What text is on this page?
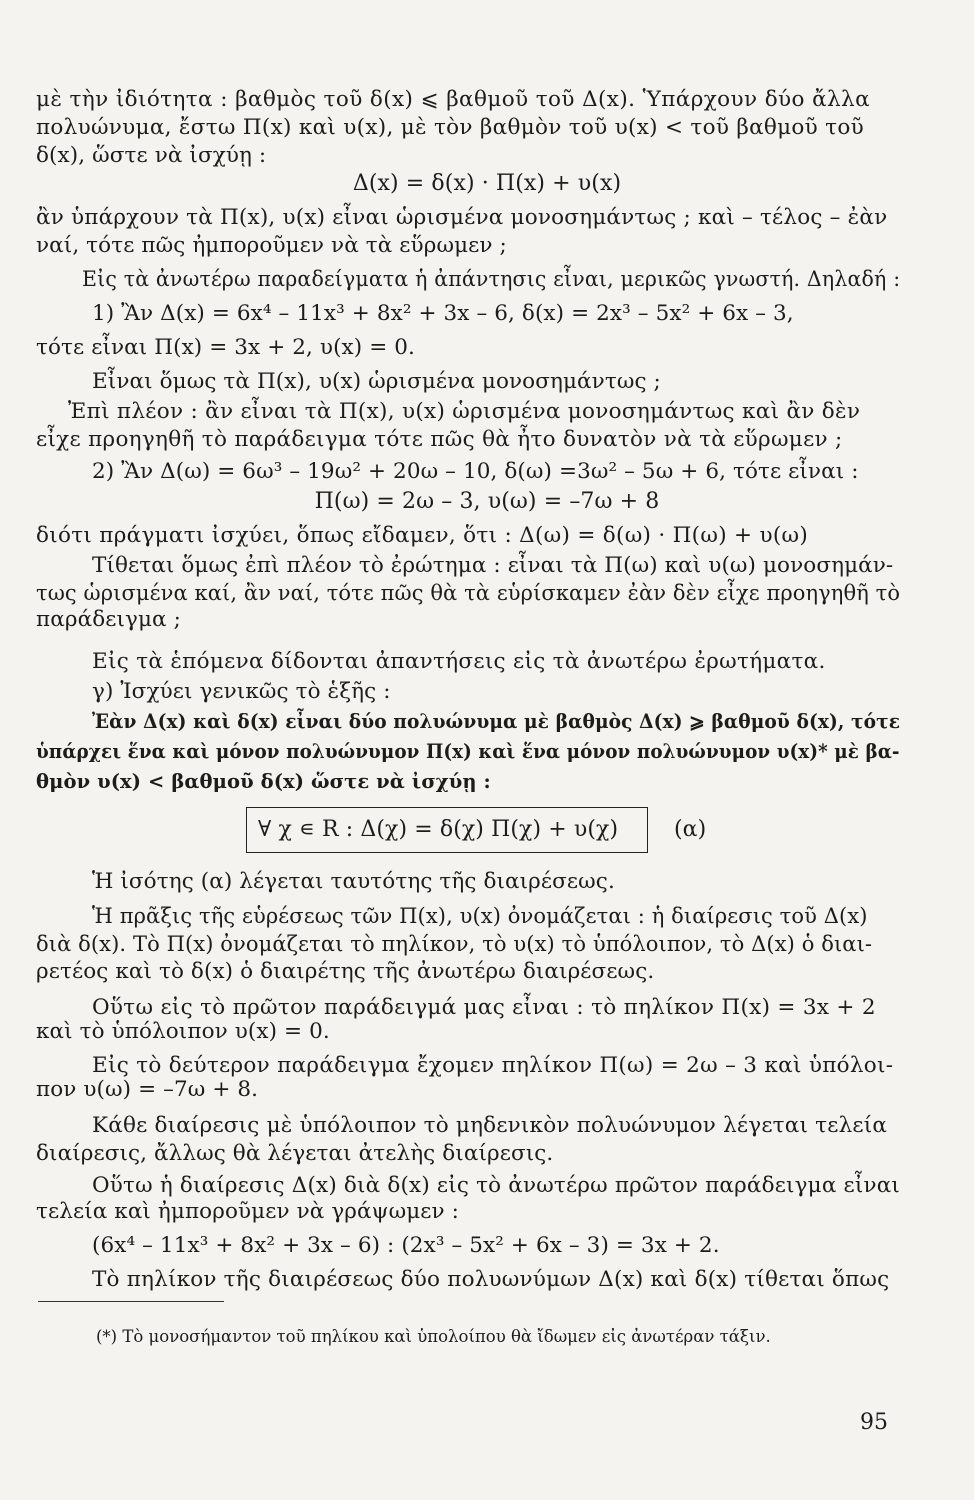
μὲ τὴν ἰδιότητα : βαθμὸς τοῦ δ(x) ⩽ βαθμοῦ τοῦ Δ(x). Ὑπάρχουν δύο ἄλλα

πολυώνυμα, ἔστω Π(x) καὶ υ(x), μὲ τὸν βαθμὸν τοῦ υ(x) < τοῦ βαθμοῦ τοῦ

δ(x), ὥστε νὰ ἰσχύῃ :

Δ(x) = δ(x) · Π(x) + υ(x)

ἂν ὑπάρχουν τὰ Π(x), υ(x) εἶναι ὡρισμένα μονοσημάντως ; καὶ – τέλος – ἐὰν

ναί, τότε πῶς ἠμποροῦμεν νὰ τὰ εὕρωμεν ;

Εἰς τὰ ἀνωτέρω παραδείγματα ἡ ἀπάντησις εἶναι, μερικῶς γνωστή. Δηλαδή :

1) Ἂν Δ(x) = 6x⁴ – 11x³ + 8x² + 3x – 6, δ(x) = 2x³ – 5x² + 6x – 3,

τότε εἶναι Π(x) = 3x + 2, υ(x) = 0.

Εἶναι ὅμως τὰ Π(x), υ(x) ὡρισμένα μονοσημάντως ;

Ἐπὶ πλέον : ἂν εἶναι τὰ Π(x), υ(x) ὡρισμένα μονοσημάντως καὶ ἂν δὲν

εἶχε προηγηθῆ τὸ παράδειγμα τότε πῶς θὰ ἦτο δυνατὸν νὰ τὰ εὕρωμεν ;

2) Ἂν Δ(ω) = 6ω³ – 19ω² + 20ω – 10, δ(ω) =3ω² – 5ω + 6, τότε εἶναι :

Π(ω) = 2ω – 3, υ(ω) = –7ω + 8

διότι πράγματι ἰσχύει, ὅπως εἴδαμεν, ὅτι : Δ(ω) = δ(ω) · Π(ω) + υ(ω)

Τίθεται ὅμως ἐπὶ πλέον τὸ ἐρώτημα : εἶναι τὰ Π(ω) καὶ υ(ω) μονοσημάν-

τως ὡρισμένα καί, ἂν ναί, τότε πῶς θὰ τὰ εὑρίσκαμεν ἐὰν δὲν εἶχε προηγηθῆ τὸ

παράδειγμα ;

Εἰς τὰ ἑπόμενα δίδονται ἀπαντήσεις εἰς τὰ ἀνωτέρω ἐρωτήματα.

γ) Ἰσχύει γενικῶς τὸ ἑξῆς :

Ἐὰν Δ(x) καὶ δ(x) εἶναι δύο πολυώνυμα μὲ βαθμὸς Δ(x) ⩾ βαθμοῦ δ(x), τότε

ὑπάρχει ἕνα καὶ μόνον πολυώνυμον Π(x) καὶ ἕνα μόνον πολυώνυμον υ(x)* μὲ βα-

θμὸν υ(x) < βαθμοῦ δ(x) ὥστε νὰ ἰσχύῃ :

∀ χ ∊ R : Δ(χ) = δ(χ) Π(χ) + υ(χ)	(α)

Ἡ ἰσότης (α) λέγεται ταυτότης τῆς διαιρέσεως.

Ἡ πρᾶξις τῆς εὑρέσεως τῶν Π(x), υ(x) ὀνομάζεται : ἡ διαίρεσις τοῦ Δ(x)

διὰ δ(x). Τὸ Π(x) ὀνομάζεται τὸ πηλίκον, τὸ υ(x) τὸ ὑπόλοιπον, τὸ Δ(x) ὁ διαι-

ρετέος καὶ τὸ δ(x) ὁ διαιρέτης τῆς ἀνωτέρω διαιρέσεως.

Οὕτω εἰς τὸ πρῶτον παράδειγμά μας εἶναι : τὸ πηλίκον Π(x) = 3x + 2

καὶ τὸ ὑπόλοιπον υ(x) = 0.

Εἰς τὸ δεύτερον παράδειγμα ἔχομεν πηλίκον Π(ω) = 2ω – 3 καὶ ὑπόλοι-

πον υ(ω) = –7ω + 8.

Κάθε διαίρεσις μὲ ὑπόλοιπον τὸ μηδενικὸν πολυώνυμον λέγεται τελεία

διαίρεσις, ἄλλως θὰ λέγεται ἀτελὴς διαίρεσις.

Οὕτω ἡ διαίρεσις Δ(x) διὰ δ(x) εἰς τὸ ἀνωτέρω πρῶτον παράδειγμα εἶναι

τελεία καὶ ἠμποροῦμεν νὰ γράψωμεν :

(6x⁴ – 11x³ + 8x² + 3x – 6) : (2x³ – 5x² + 6x – 3) = 3x + 2.

Τὸ πηλίκον τῆς διαιρέσεως δύο πολυωνύμων Δ(x) καὶ δ(x) τίθεται ὅπως

(*) Τὸ μονοσήμαντον τοῦ πηλίκου καὶ ὑπολοίπου θὰ ἴδωμεν εἰς ἀνωτέραν τάξιν.

95
